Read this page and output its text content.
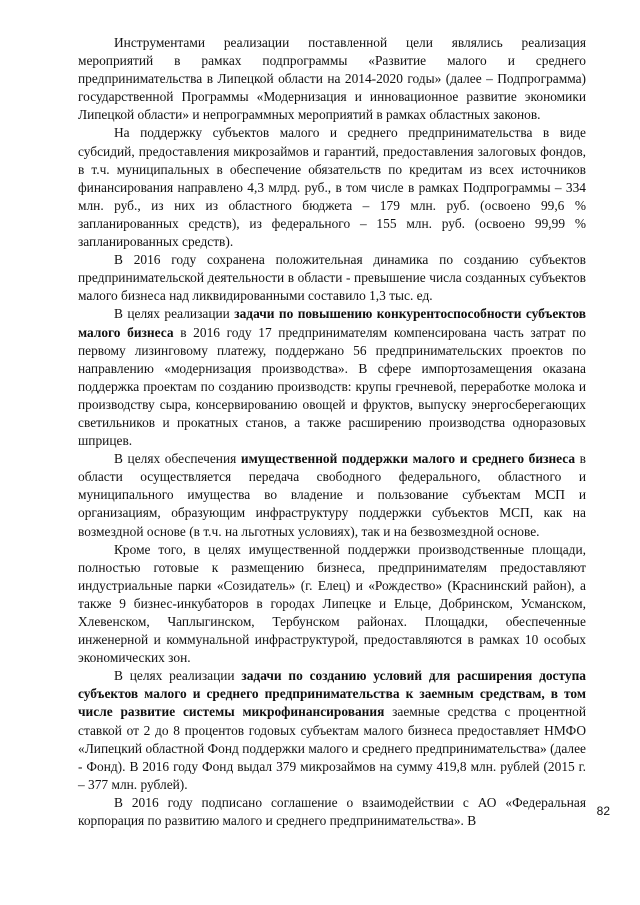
Инструментами реализации поставленной цели являлись реализация мероприятий в рамках подпрограммы «Развитие малого и среднего предпринимательства в Липецкой области на 2014-2020 годы» (далее – Подпрограмма) государственной Программы «Модернизация и инновационное развитие экономики Липецкой области» и непрограммных мероприятий в рамках областных законов.

На поддержку субъектов малого и среднего предпринимательства в виде субсидий, предоставления микрозаймов и гарантий, предоставления залоговых фондов, в т.ч. муниципальных в обеспечение обязательств по кредитам из всех источников финансирования направлено 4,3 млрд. руб., в том числе в рамках Подпрограммы – 334 млн. руб., из них из областного бюджета – 179 млн. руб. (освоено 99,6 % запланированных средств), из федерального – 155 млн. руб. (освоено 99,99 % запланированных средств).

В 2016 году сохранена положительная динамика по созданию субъектов предпринимательской деятельности в области - превышение числа созданных субъектов малого бизнеса над ликвидированными составило 1,3 тыс. ед.

В целях реализации задачи по повышению конкурентоспособности субъектов малого бизнеса в 2016 году 17 предпринимателям компенсирована часть затрат по первому лизинговому платежу, поддержано 56 предпринимательских проектов по направлению «модернизация производства». В сфере импортозамещения оказана поддержка проектам по созданию производств: крупы гречневой, переработке молока и производству сыра, консервированию овощей и фруктов, выпуску энергосберегающих светильников и прокатных станов, а также расширению производства одноразовых шприцев.

В целях обеспечения имущественной поддержки малого и среднего бизнеса в области осуществляется передача свободного федерального, областного и муниципального имущества во владение и пользование субъектам МСП и организациям, образующим инфраструктуру поддержки субъектов МСП, как на возмездной основе (в т.ч. на льготных условиях), так и на безвозмездной основе.

Кроме того, в целях имущественной поддержки производственные площади, полностью готовые к размещению бизнеса, предпринимателям предоставляют индустриальные парки «Созидатель» (г. Елец) и «Рождество» (Краснинский район), а также 9 бизнес-инкубаторов в городах Липецке и Ельце, Добринском, Усманском, Хлевенском, Чаплыгинском, Тербунском районах. Площадки, обеспеченные инженерной и коммунальной инфраструктурой, предоставляются в рамках 10 особых экономических зон.

В целях реализации задачи по созданию условий для расширения доступа субъектов малого и среднего предпринимательства к заемным средствам, в том числе развитие системы микрофинансирования заемные средства с процентной ставкой от 2 до 8 процентов годовых субъектам малого бизнеса предоставляет НМФО «Липецкий областной Фонд поддержки малого и среднего предпринимательства» (далее - Фонд). В 2016 году Фонд выдал 379 микрозаймов на сумму 419,8 млн. рублей (2015 г. – 377 млн. рублей).

В 2016 году подписано соглашение о взаимодействии с АО «Федеральная корпорация по развитию малого и среднего предпринимательства». В

82
